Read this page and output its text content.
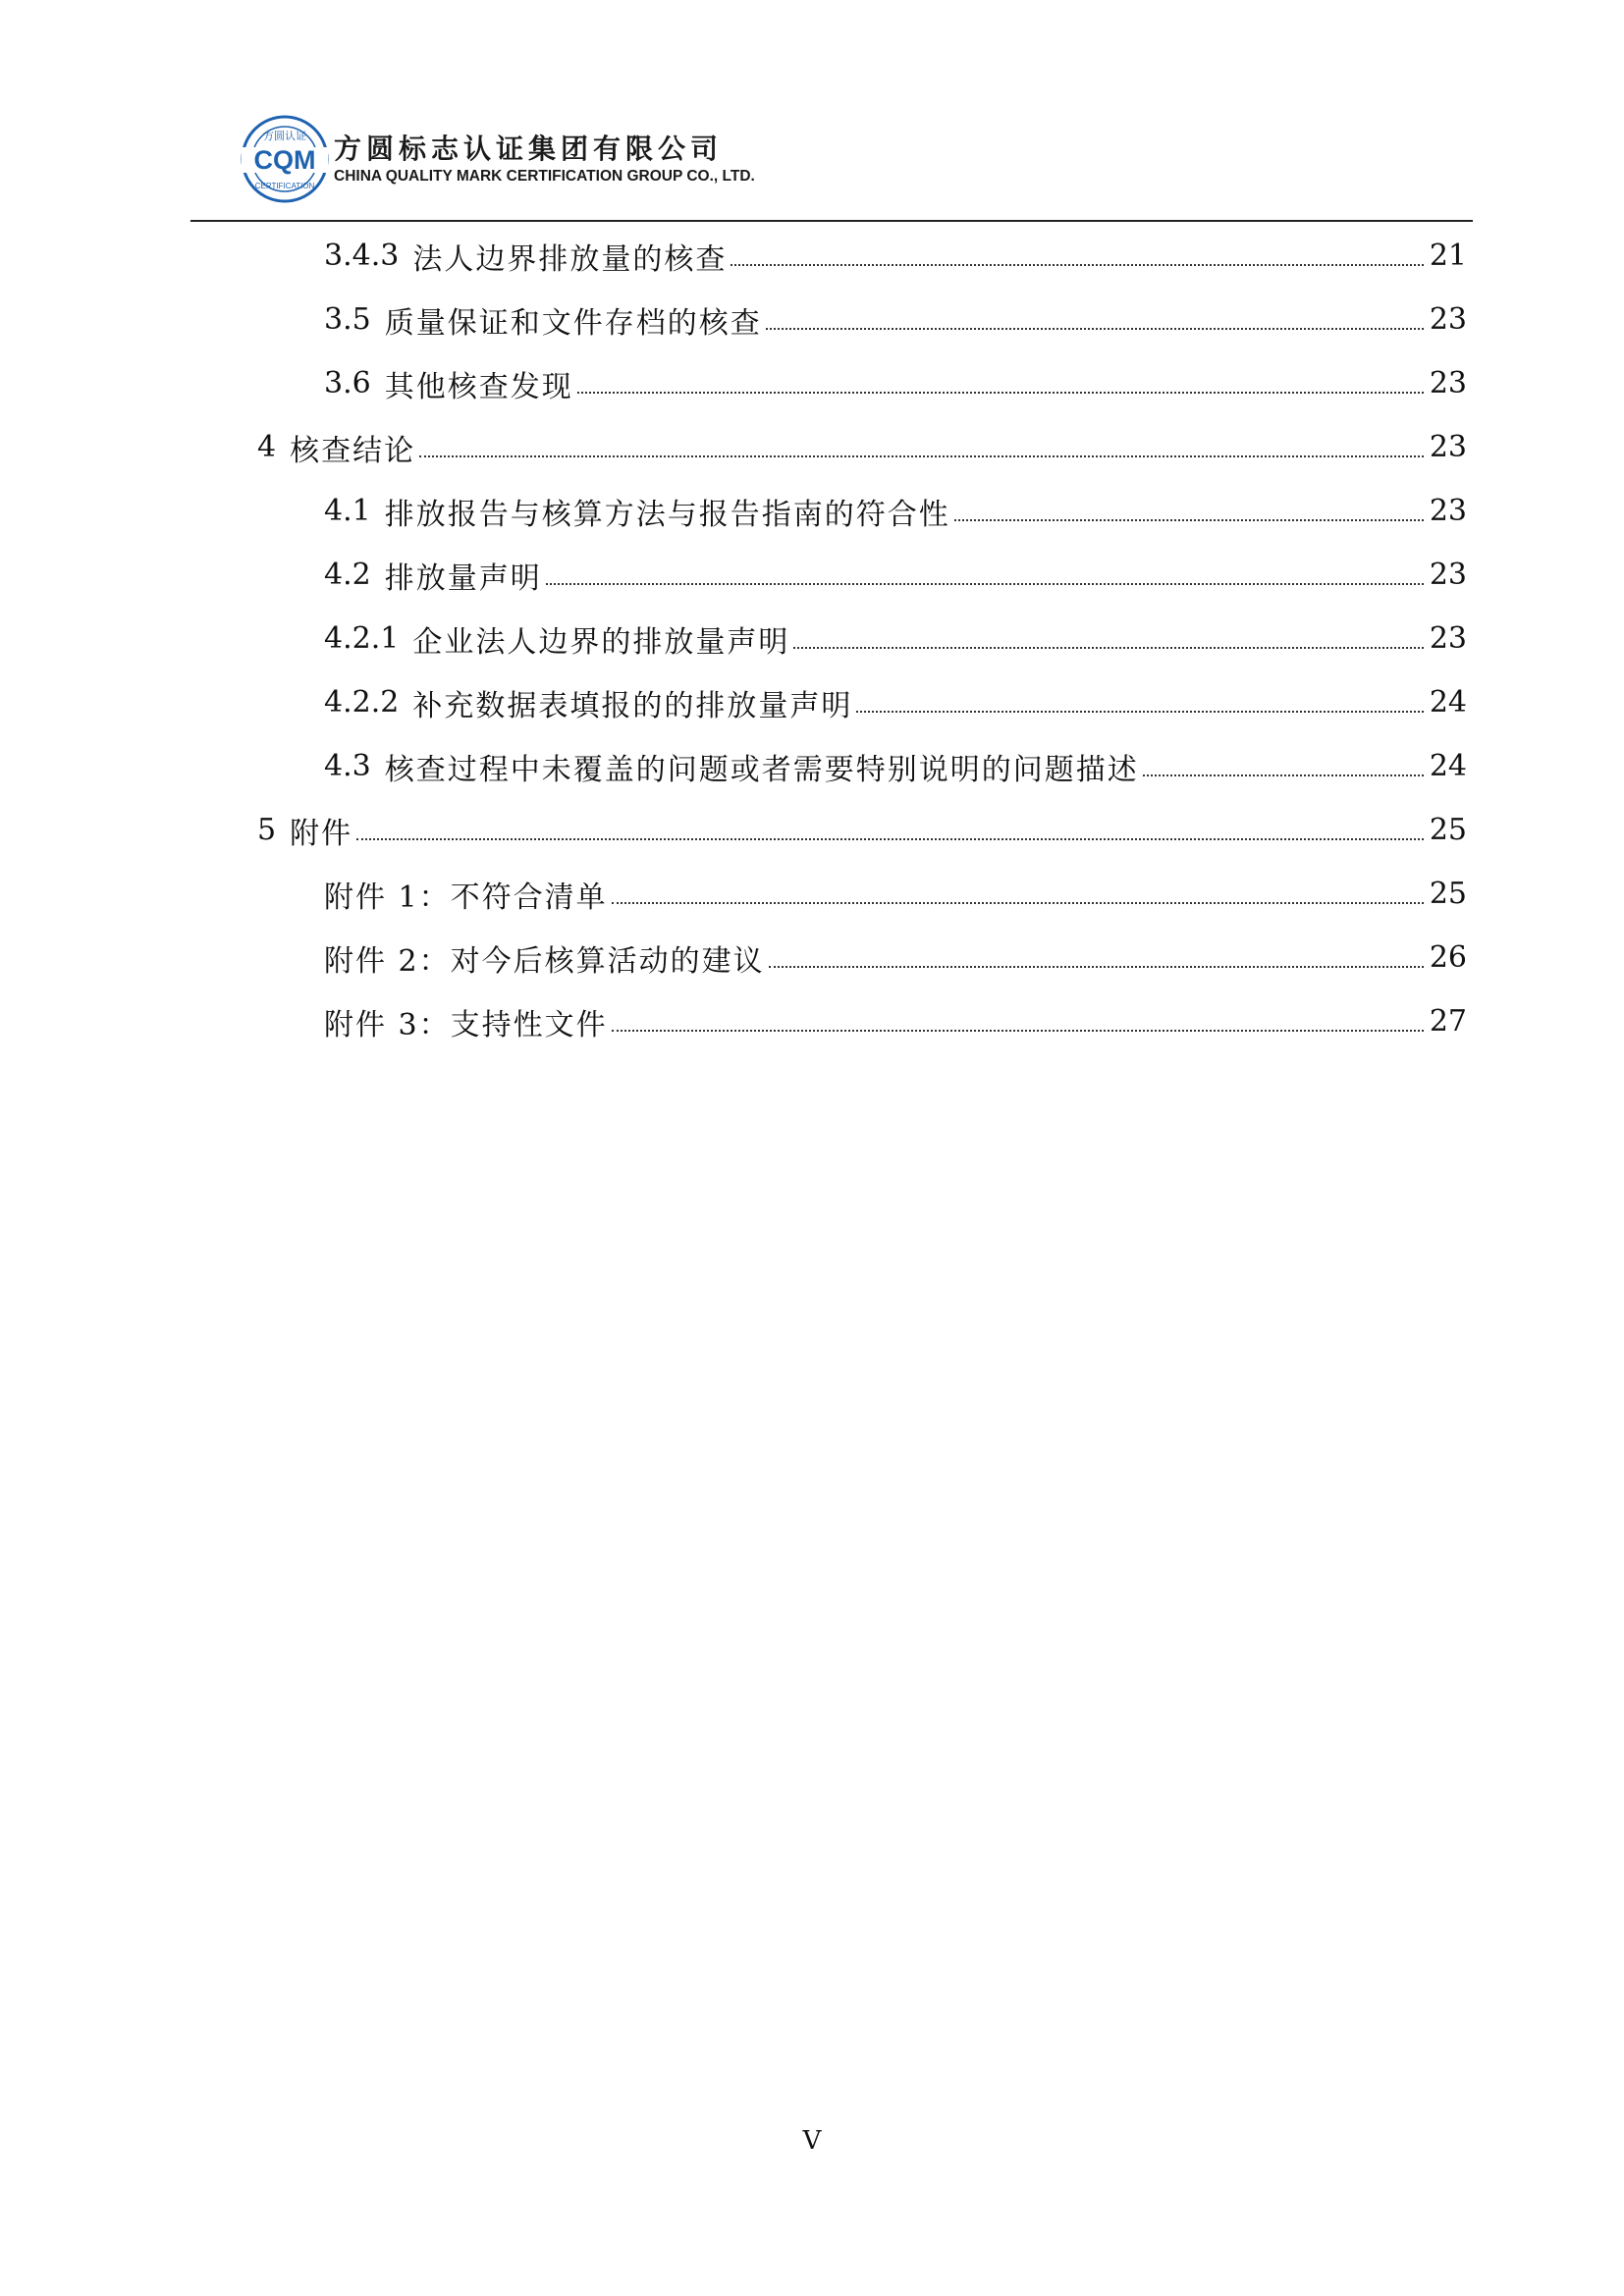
CQM
方圆认证
CERTIFICATION
方圆标志认证集团有限公司
CHINA QUALITY MARK CERTIFICATION GROUP CO., LTD.
3.4.3 法人边界排放量的核查	21
3.5 质量保证和文件存档的核查	23
3.6 其他核查发现	23
4 核查结论	23
4.1 排放报告与核算方法与报告指南的符合性	23
4.2 排放量声明	23
4.2.1 企业法人边界的排放量声明	23
4.2.2 补充数据表填报的的排放量声明	24
4.3 核查过程中未覆盖的问题或者需要特别说明的问题描述	24
5 附件	25
附件 1：不符合清单	25
附件 2：对今后核算活动的建议	26
附件 3：支持性文件	27
V
